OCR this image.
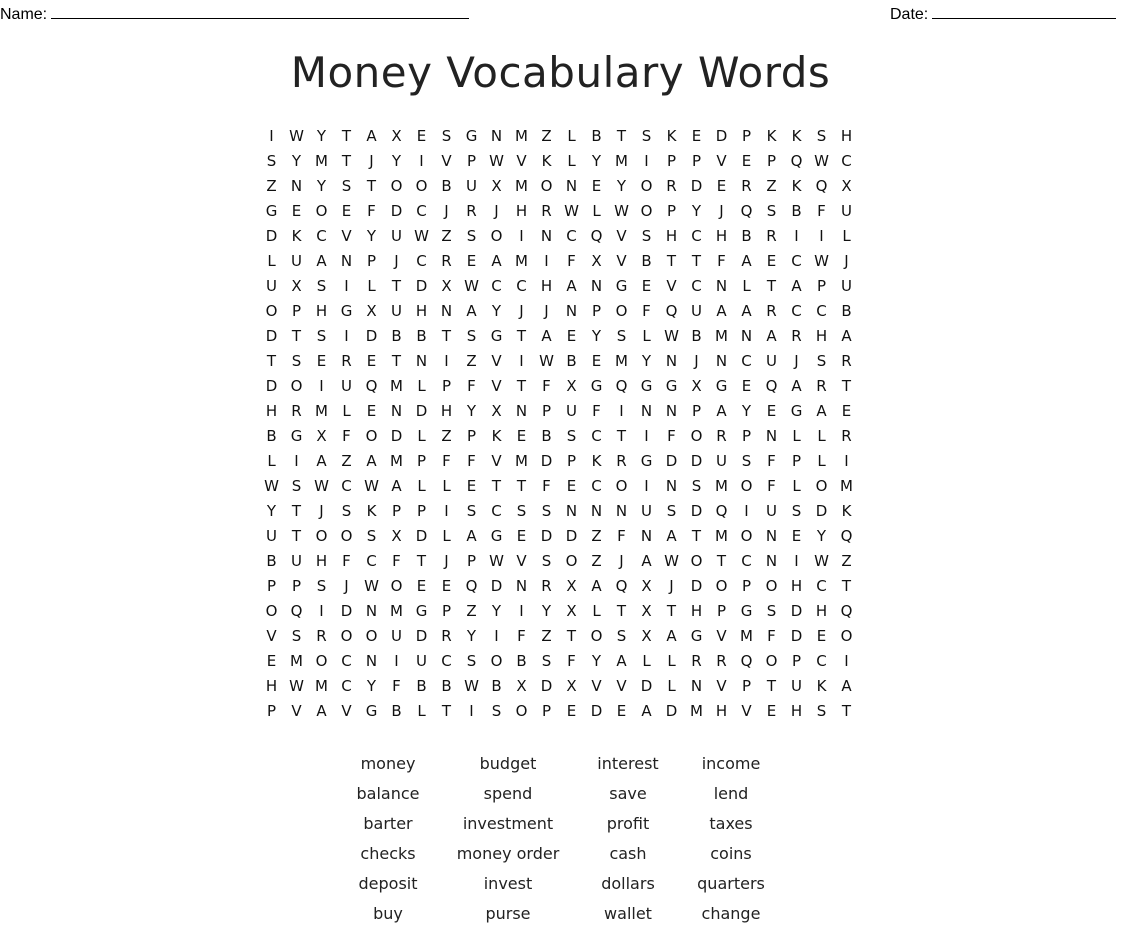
Name:	Date:
Money Vocabulary Words
I	W Y	T	A X	E	S G N M Z	L	B	T	S	K	E D P	K	K	S H
S	Y M T	J	Y	I	V	P W V K	L	Y M	I	P	P	V	E	P Q W C
Z N Y	S	T O O B U X M O N E	Y O R D E	R Z K Q X
G E O E	F D C	J	R	J	H R W L W O P	Y	J	Q S	B	F	U
D K C V	Y U W Z	S O	I	N C Q V	S H C H B R	I	I	L
L	U A N P	J	C R	E	A M	I	F	X V B	T	T	F	A	E	C W	J
U X	S	I	L	T D X W C C H A N G E	V C N	L	T	A	P U
O P H G X U H N A	Y	J	J	N P O F Q U A A R C C B
D T	S	I	D B B	T	S G T	A	E	Y	S	L W B M N A R H A
T	S	E	R	E	T N	I	Z V	I	W B	E M Y N	J	N C U	J	S	R
D O	I	U Q M L	P	F	V	T	F	X G Q G G X G E Q A R	T
H R M L	E N D H Y	X N P U	F	I	N N P	A	Y	E G A	E
B G X	F O D	L	Z	P	K	E	B	S C	T	I	F O R	P N	L	L	R
L	I	A Z A M P	F	F	V M D P	K R G D D U S	F	P	L	I
W S W C W A	L	L	E	T	T	F	E	C O	I	N S M O F	L O M
Y	T	J	S	K	P	P	I	S C	S	S N N N U S D Q	I	U S D K
U T O O S	X D	L	A G E D D Z	F	N A	T M O N E	Y Q
B U H	F	C	F	T	J	P W V	S O Z	J	A W O T	C N	I	W Z
P	P	S	J	W O E	E Q D N R X A Q X	J	D O P O H C	T
O Q	I	D N M G P	Z	Y	I	Y	X	L	T	X	T H P G S D H Q
V	S	R O O U D R	Y	I	F	Z	T O S	X A G V M F D E O
E M O C N	I	U C	S O B	S	F	Y	A	L	L	R R Q O P	C	I
H W M C	Y	F	B B W B X D X V V D	L	N V	P	T U K A
P	V A V G B	L	T	I	S O P	E D E	A D M H V	E H S	T
money	budget	interest	income
balance	spend	save	lend
barter	investment	profit	taxes
checks	money order	cash	coins
deposit	invest	dollars	quarters
buy	purse	wallet	change
